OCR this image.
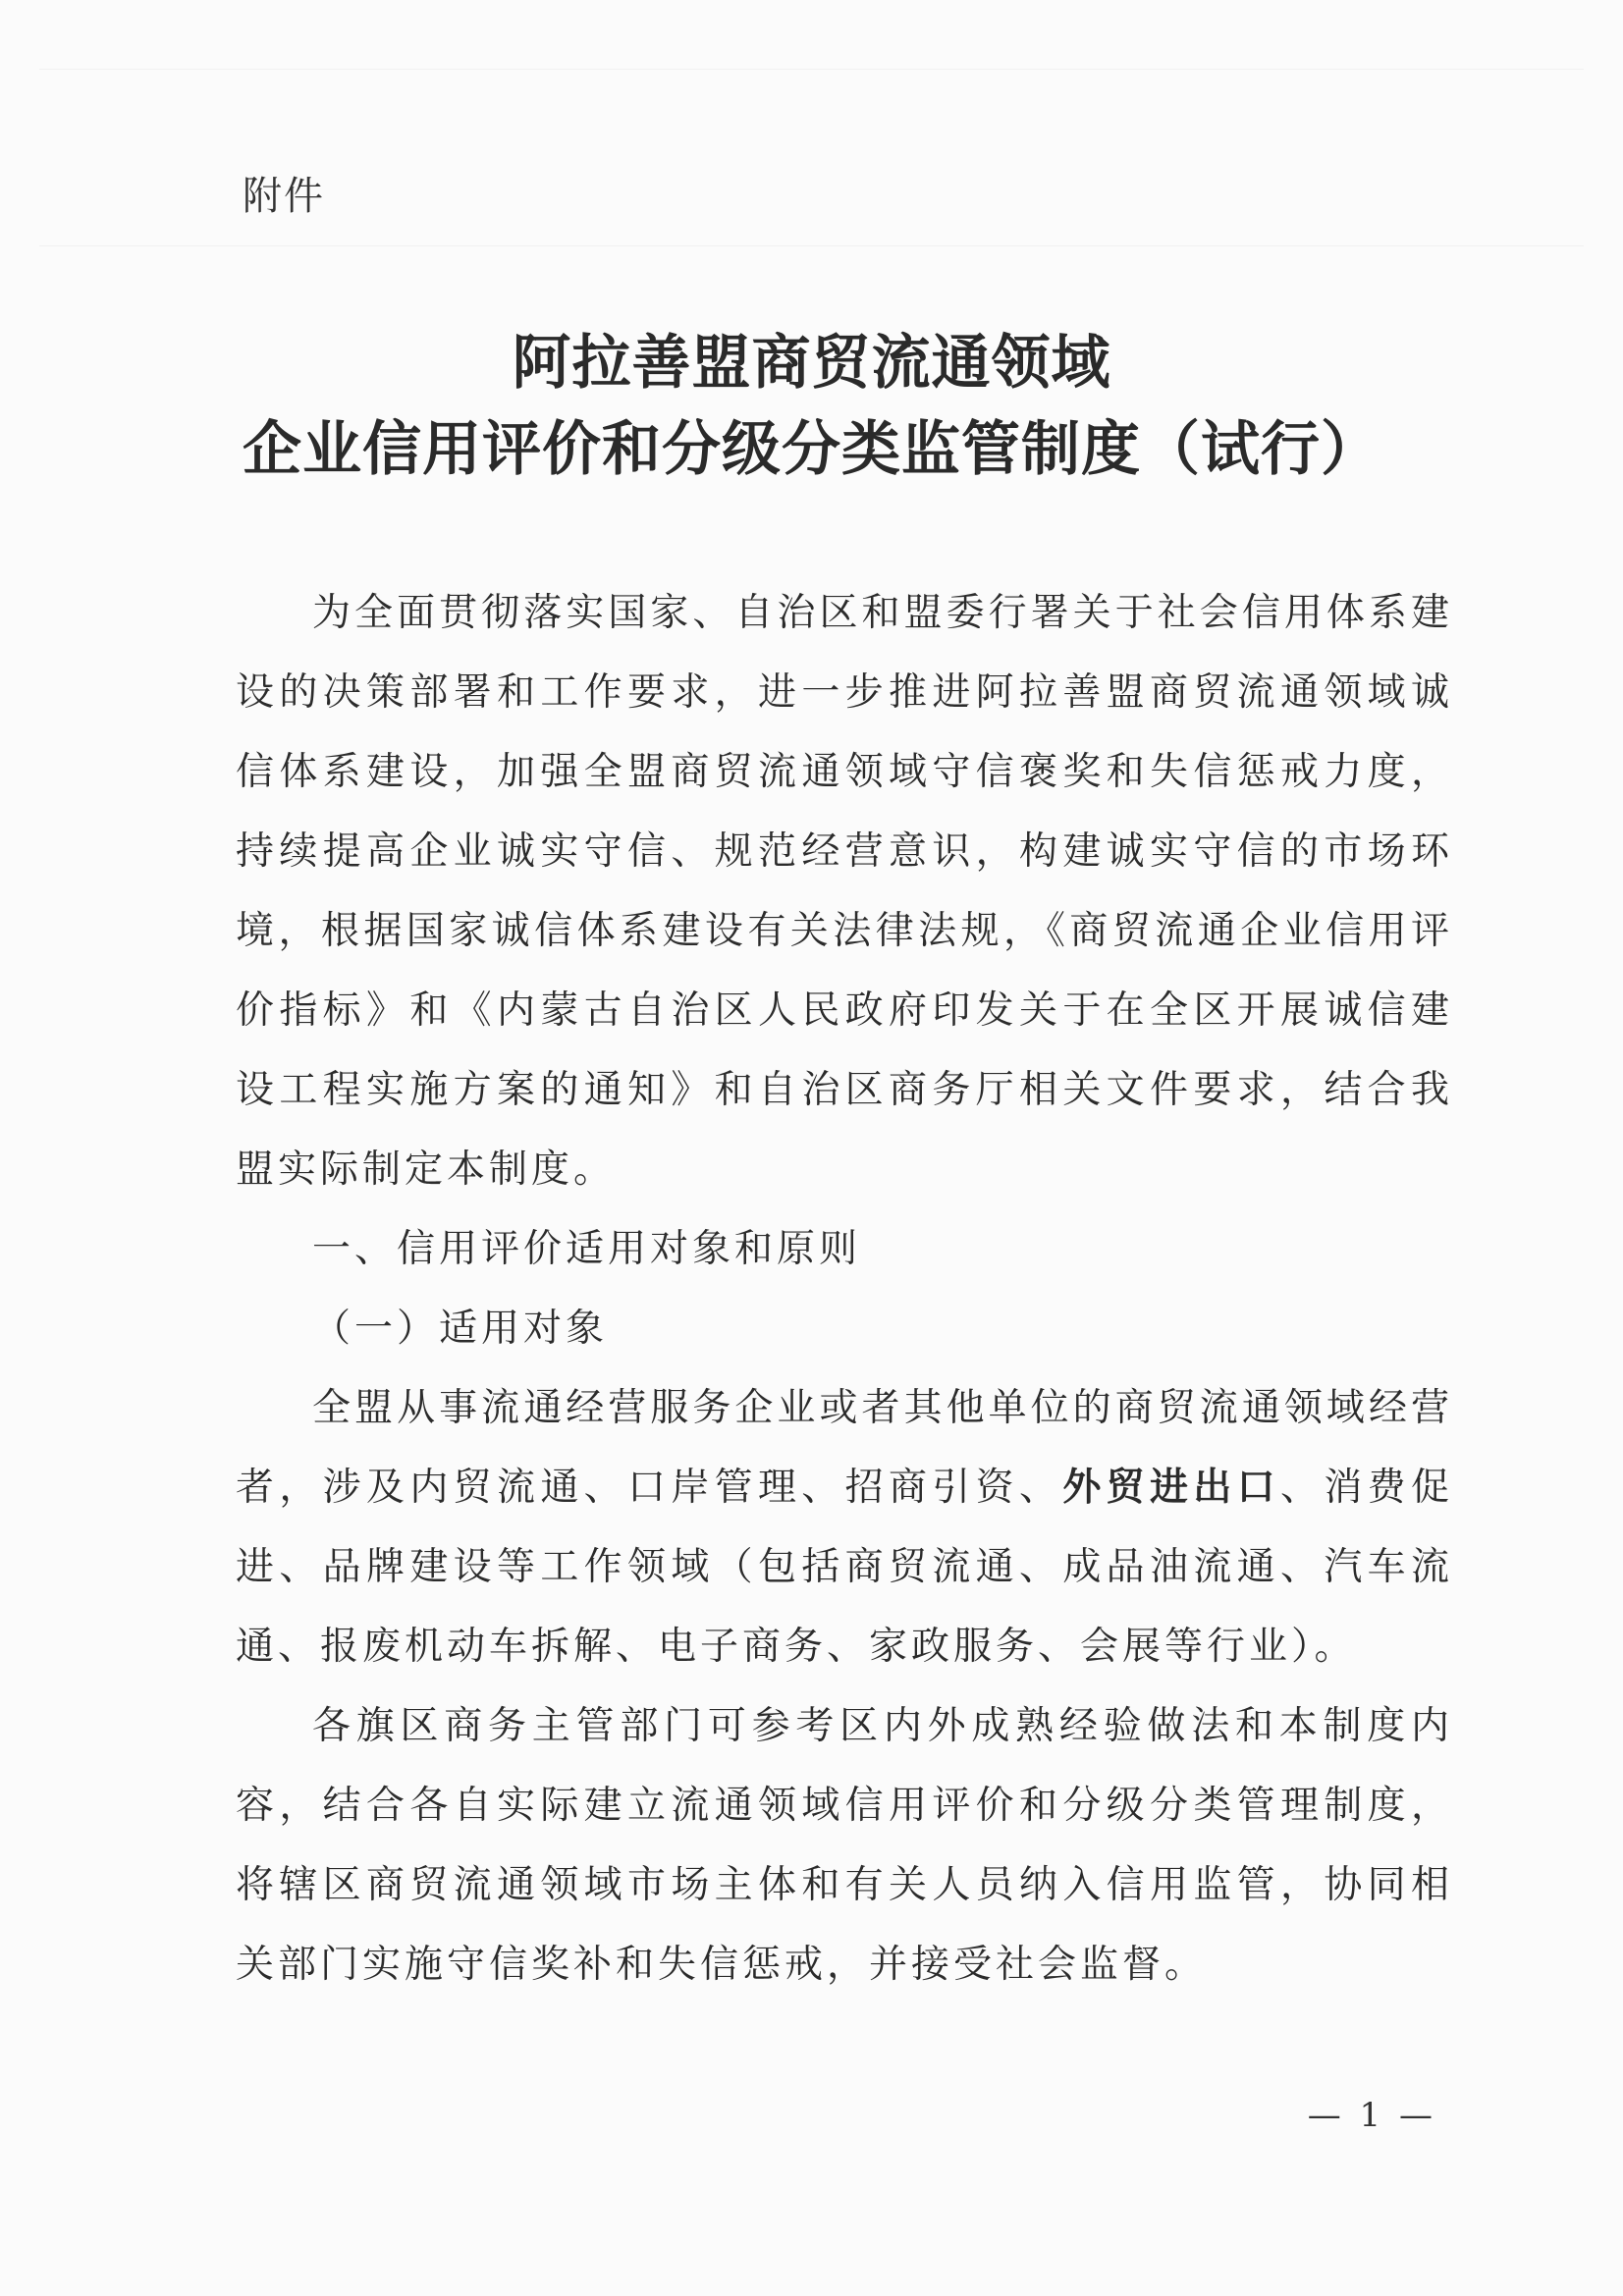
附件
阿拉善盟商贸流通领域
企业信用评价和分级分类监管制度（试行）

为全面贯彻落实国家、自治区和盟委行署关于社会信用体系建设的决策部署和工作要求，进一步推进阿拉善盟商贸流通领域诚信体系建设，加强全盟商贸流通领域守信褒奖和失信惩戒力度，持续提高企业诚实守信、规范经营意识，构建诚实守信的市场环境，根据国家诚信体系建设有关法律法规，《商贸流通企业信用评价指标》和《内蒙古自治区人民政府印发关于在全区开展诚信建设工程实施方案的通知》和自治区商务厅相关文件要求，结合我盟实际制定本制度。

一、信用评价适用对象和原则

（一）适用对象

全盟从事流通经营服务企业或者其他单位的商贸流通领域经营者，涉及内贸流通、口岸管理、招商引资、外贸进出口、消费促进、品牌建设等工作领域（包括商贸流通、成品油流通、汽车流通、报废机动车拆解、电子商务、家政服务、会展等行业）。

各旗区商务主管部门可参考区内外成熟经验做法和本制度内容，结合各自实际建立流通领域信用评价和分级分类管理制度，将辖区商贸流通领域市场主体和有关人员纳入信用监管，协同相关部门实施守信奖补和失信惩戒，并接受社会监督。

— 1 —
